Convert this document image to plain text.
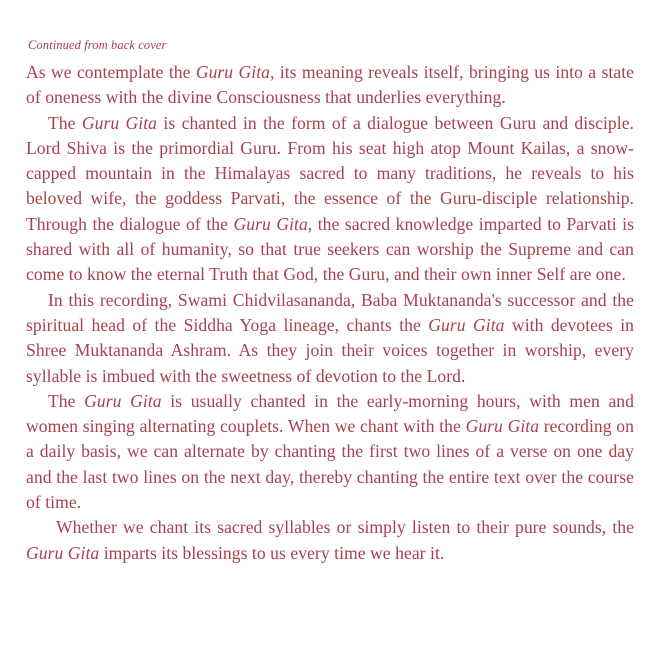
Continued from back cover

As we contemplate the Guru Gita, its meaning reveals itself, bringing us into a state of oneness with the divine Consciousness that underlies everything.

The Guru Gita is chanted in the form of a dialogue between Guru and disciple. Lord Shiva is the primordial Guru. From his seat high atop Mount Kailas, a snow-capped mountain in the Himalayas sacred to many traditions, he reveals to his beloved wife, the goddess Parvati, the essence of the Guru-disciple relationship. Through the dialogue of the Guru Gita, the sacred knowledge imparted to Parvati is shared with all of humanity, so that true seekers can worship the Supreme and can come to know the eternal Truth that God, the Guru, and their own inner Self are one.

In this recording, Swami Chidvilasananda, Baba Muktananda's successor and the spiritual head of the Siddha Yoga lineage, chants the Guru Gita with devotees in Shree Muktananda Ashram. As they join their voices together in worship, every syllable is imbued with the sweetness of devotion to the Lord.

The Guru Gita is usually chanted in the early-morning hours, with men and women singing alternating couplets. When we chant with the Guru Gita recording on a daily basis, we can alternate by chanting the first two lines of a verse on one day and the last two lines on the next day, thereby chanting the entire text over the course of time.

Whether we chant its sacred syllables or simply listen to their pure sounds, the Guru Gita imparts its blessings to us every time we hear it.
